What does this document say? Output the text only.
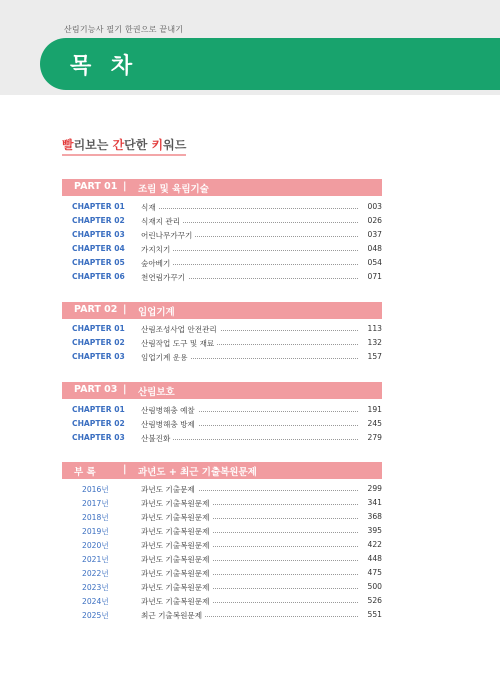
산림기능사 필기 한권으로 끝내기
목 차
빨리보는 간단한 키워드
PART 01 | 조림 및 육림기술
CHAPTER 01 식재	003
CHAPTER 02 식재지 관리	026
CHAPTER 03 어린나무가꾸기	037
CHAPTER 04 가지치기	048
CHAPTER 05 숲아베기	054
CHAPTER 06 천연림가꾸기	071
PART 02 | 임업기계
CHAPTER 01 산림조성사업 안전관리	113
CHAPTER 02 산림작업 도구 및 재료	132
CHAPTER 03 임업기계 운용	157
PART 03 | 산림보호
CHAPTER 01 산림병해충 예찰	191
CHAPTER 02 산림병해충 방제	245
CHAPTER 03 산불진화	279
부 록	| 과년도 + 최근 기출복원문제
2016년	과년도 기출문제	299
2017년	과년도 기출복원문제	341
2018년	과년도 기출복원문제	368
2019년	과년도 기출복원문제	395
2020년	과년도 기출복원문제	422
2021년	과년도 기출복원문제	448
2022년	과년도 기출복원문제	475
2023년	과년도 기출복원문제	500
2024년	과년도 기출복원문제	526
2025년	최근 기출복원문제	551
